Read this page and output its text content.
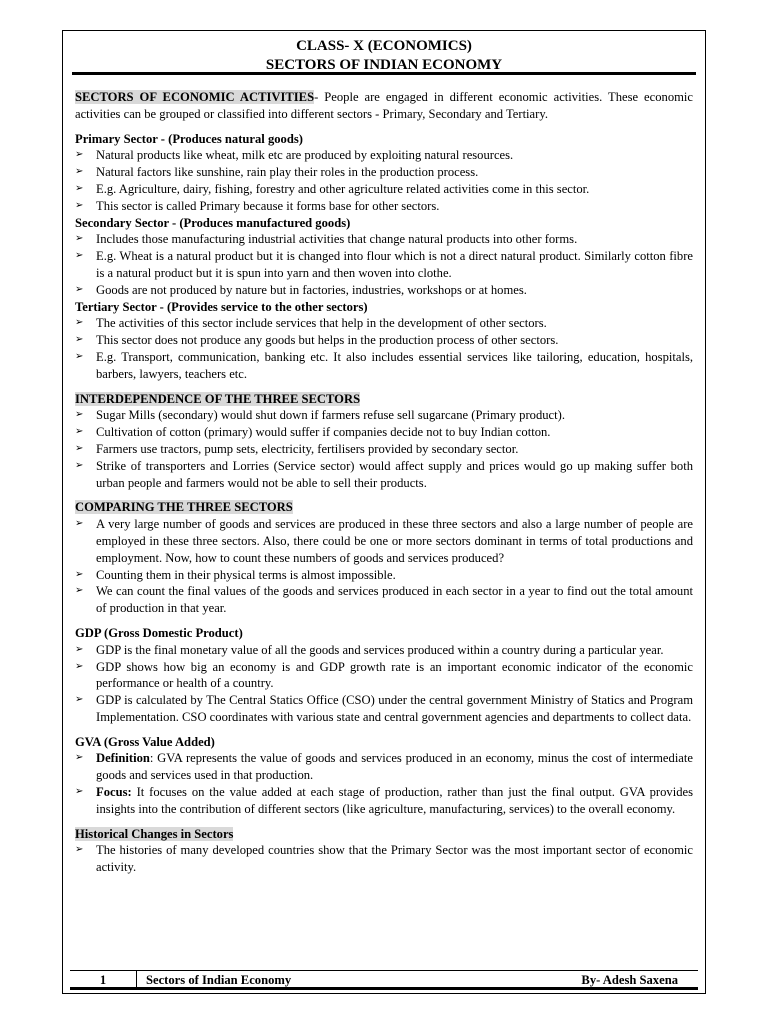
CLASS- X (ECONOMICS)
SECTORS OF INDIAN ECONOMY

SECTORS OF ECONOMIC ACTIVITIES- People are engaged in different economic activities. These economic activities can be grouped or classified into different sectors - Primary, Secondary and Tertiary.

Primary Sector - (Produces natural goods)
➢ Natural products like wheat, milk etc are produced by exploiting natural resources.
➢ Natural factors like sunshine, rain play their roles in the production process.
➢ E.g. Agriculture, dairy, fishing, forestry and other agriculture related activities come in this sector.
➢ This sector is called Primary because it forms base for other sectors.
Secondary Sector - (Produces manufactured goods)
➢ Includes those manufacturing industrial activities that change natural products into other forms.
➢ E.g. Wheat is a natural product but it is changed into flour which is not a direct natural product. Similarly cotton fibre is a natural product but it is spun into yarn and then woven into clothe.
➢ Goods are not produced by nature but in factories, industries, workshops or at homes.
Tertiary Sector - (Provides service to the other sectors)
➢ The activities of this sector include services that help in the development of other sectors.
➢ This sector does not produce any goods but helps in the production process of other sectors.
➢ E.g. Transport, communication, banking etc. It also includes essential services like tailoring, education, hospitals, barbers, lawyers, teachers etc.
INTERDEPENDENCE OF THE THREE SECTORS
➢ Sugar Mills (secondary) would shut down if farmers refuse sell sugarcane (Primary product).
➢ Cultivation of cotton (primary) would suffer if companies decide not to buy Indian cotton.
➢ Farmers use tractors, pump sets, electricity, fertilisers provided by secondary sector.
➢ Strike of transporters and Lorries (Service sector) would affect supply and prices would go up making suffer both urban people and farmers would not be able to sell their products.
COMPARING THE THREE SECTORS
➢ A very large number of goods and services are produced in these three sectors and also a large number of people are employed in these three sectors. Also, there could be one or more sectors dominant in terms of total productions and employment. Now, how to count these numbers of goods and services produced?
➢ Counting them in their physical terms is almost impossible.
➢ We can count the final values of the goods and services produced in each sector in a year to find out the total amount of production in that year.
GDP (Gross Domestic Product)
➢ GDP is the final monetary value of all the goods and services produced within a country during a particular year.
➢ GDP shows how big an economy is and GDP growth rate is an important economic indicator of the economic performance or health of a country.
➢ GDP is calculated by The Central Statics Office (CSO) under the central government Ministry of Statics and Program Implementation. CSO coordinates with various state and central government agencies and departments to collect data.
GVA (Gross Value Added)
➢ Definition: GVA represents the value of goods and services produced in an economy, minus the cost of intermediate goods and services used in that production.
➢ Focus: It focuses on the value added at each stage of production, rather than just the final output. GVA provides insights into the contribution of different sectors (like agriculture, manufacturing, services) to the overall economy.
Historical Changes in Sectors
➢ The histories of many developed countries show that the Primary Sector was the most important sector of economic activity.
1	Sectors of Indian Economy	By- Adesh Saxena
